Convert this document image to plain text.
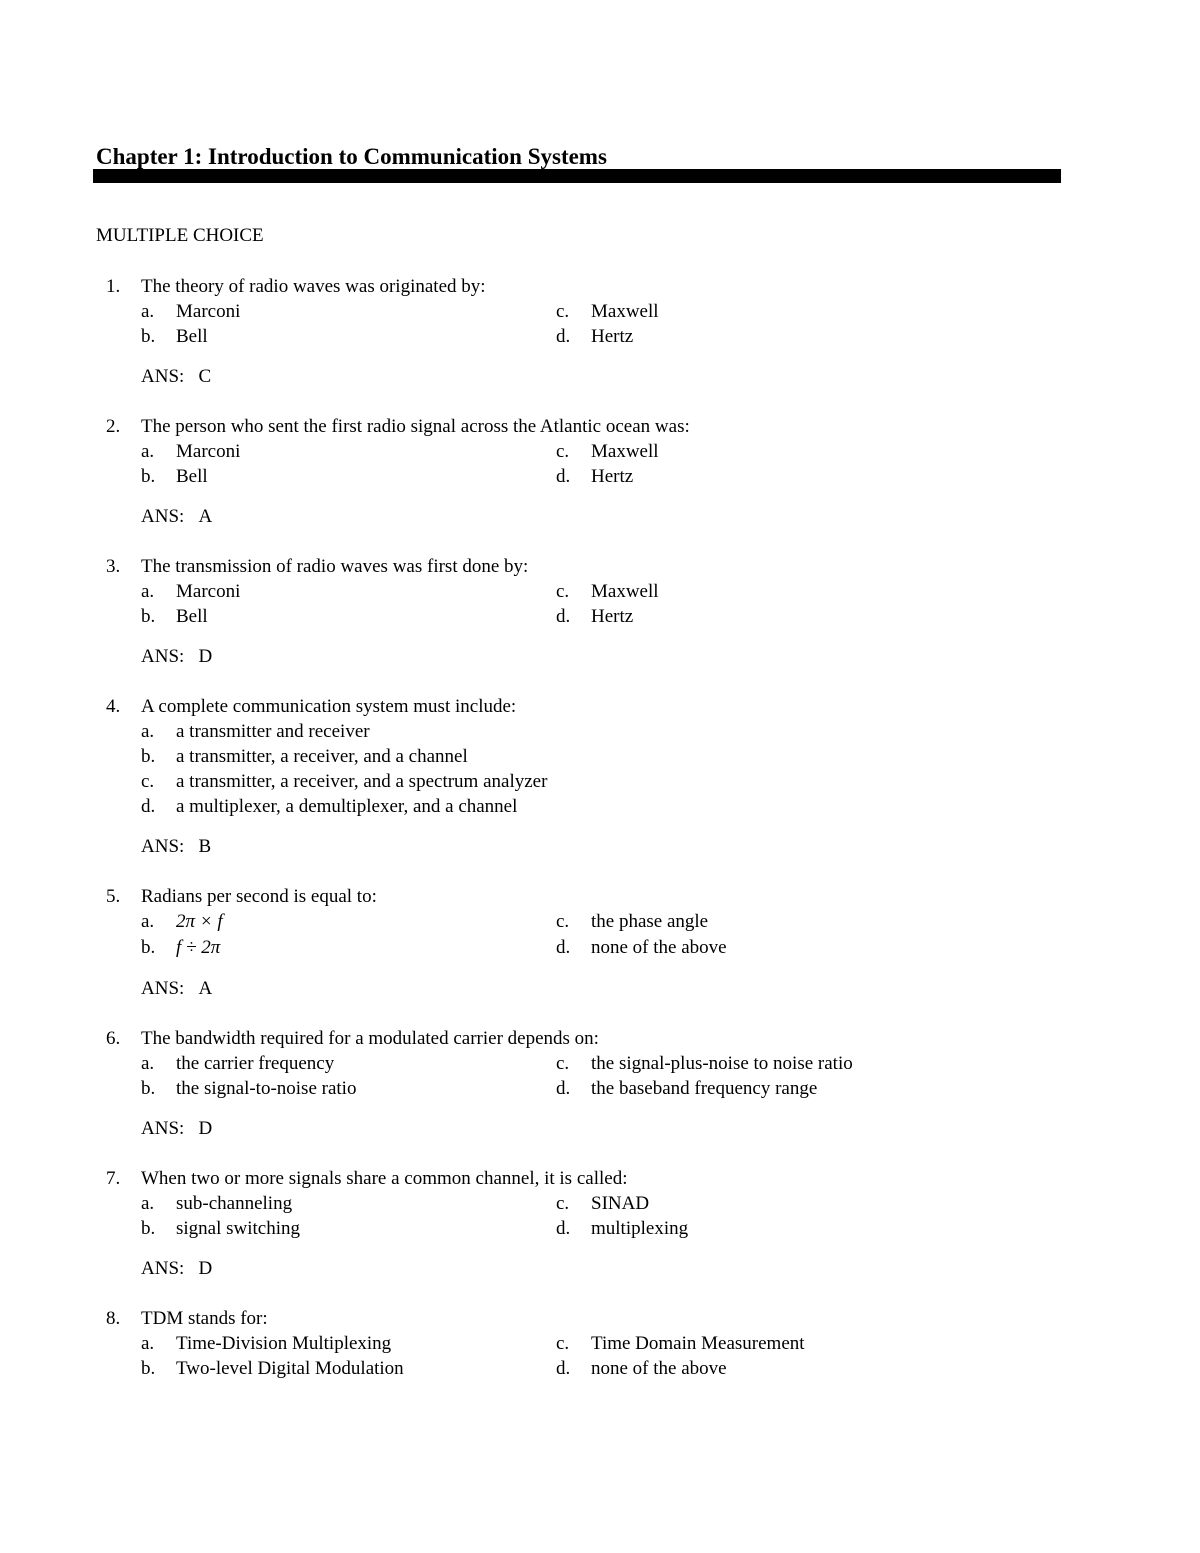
Chapter 1: Introduction to Communication Systems
MULTIPLE CHOICE
1.	The theory of radio waves was originated by:
a.	Marconi
b.	Bell
c.	Maxwell
d.	Hertz
ANS: C
2.	The person who sent the first radio signal across the Atlantic ocean was:
a.	Marconi
b.	Bell
c.	Maxwell
d.	Hertz
ANS: A
3.	The transmission of radio waves was first done by:
a.	Marconi
b.	Bell
c.	Maxwell
d.	Hertz
ANS: D
4.	A complete communication system must include:
a.	a transmitter and receiver
b.	a transmitter, a receiver, and a channel
c.	a transmitter, a receiver, and a spectrum analyzer
d.	a multiplexer, a demultiplexer, and a channel
ANS: B
5.	Radians per second is equal to:
a.	2π × f
b.	f ÷ 2π
c.	the phase angle
d.	none of the above
ANS: A
6.	The bandwidth required for a modulated carrier depends on:
a.	the carrier frequency
b.	the signal-to-noise ratio
c.	the signal-plus-noise to noise ratio
d.	the baseband frequency range
ANS: D
7.	When two or more signals share a common channel, it is called:
a.	sub-channeling
b.	signal switching
c.	SINAD
d.	multiplexing
ANS: D
8.	TDM stands for:
a.	Time-Division Multiplexing
b.	Two-level Digital Modulation
c.	Time Domain Measurement
d.	none of the above
